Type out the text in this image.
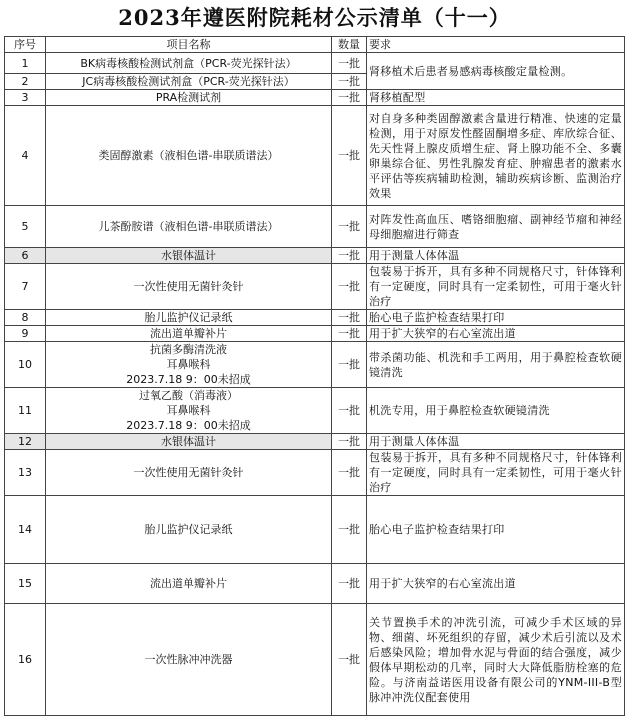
2023年遵医附院耗材公示清单（十一）
序号	项目名称	数量	要求
1	BK病毒核酸检测试剂盒（PCR-荧光探针法）	一批	肾移植术后患者易感病毒核酸定量检测。
2	JC病毒核酸检测试剂盒（PCR-荧光探针法）	一批	
3	PRA检测试剂	一批	肾移植配型
4	类固醇激素（液相色谱-串联质谱法）	一批	对自身多种类固醇激素含量进行精准、快速的定量检测，用于对原发性醛固酮增多症、库欣综合征、先天性肾上腺皮质增生症、肾上腺功能不全、多囊卵巢综合征、男性乳腺发育症、肿瘤患者的激素水平评估等疾病辅助检测，辅助疾病诊断、监测治疗效果
5	儿茶酚胺谱（液相色谱-串联质谱法）	一批	对阵发性高血压、嗜铬细胞瘤、副神经节瘤和神经母细胞瘤进行筛查
6	水银体温计	一批	用于测量人体体温
7	一次性使用无菌针灸针	一批	包装易于拆开，具有多种不同规格尺寸，针体锋利有一定硬度，同时具有一定柔韧性，可用于毫火针治疗
8	胎儿监护仪记录纸	一批	胎心电子监护检查结果打印
9	流出道单瓣补片	一批	用于扩大狭窄的右心室流出道
10	抗菌多酶清洗液
耳鼻喉科
2023.7.18 9：00未招成	一批	带杀菌功能、机洗和手工两用，用于鼻腔检查软硬镜清洗
11	过氧乙酸（消毒液）
耳鼻喉科
2023.7.18 9：00未招成	一批	机洗专用，用于鼻腔检查软硬镜清洗
12	水银体温计	一批	用于测量人体体温
13	一次性使用无菌针灸针	一批	包装易于拆开，具有多种不同规格尺寸，针体锋利有一定硬度，同时具有一定柔韧性，可用于毫火针治疗
14	胎儿监护仪记录纸	一批	胎心电子监护检查结果打印
15	流出道单瓣补片	一批	用于扩大狭窄的右心室流出道
16	一次性脉冲冲洗器	一批	关节置换手术的冲洗引流，可减少手术区域的异物、细菌、坏死组织的存留，减少术后引流以及术后感染风险；增加骨水泥与骨面的结合强度，减少假体早期松动的几率，同时大大降低脂肪栓塞的危险。与济南益诺医用设备有限公司的YNM-III-B型脉冲冲洗仪配套使用
